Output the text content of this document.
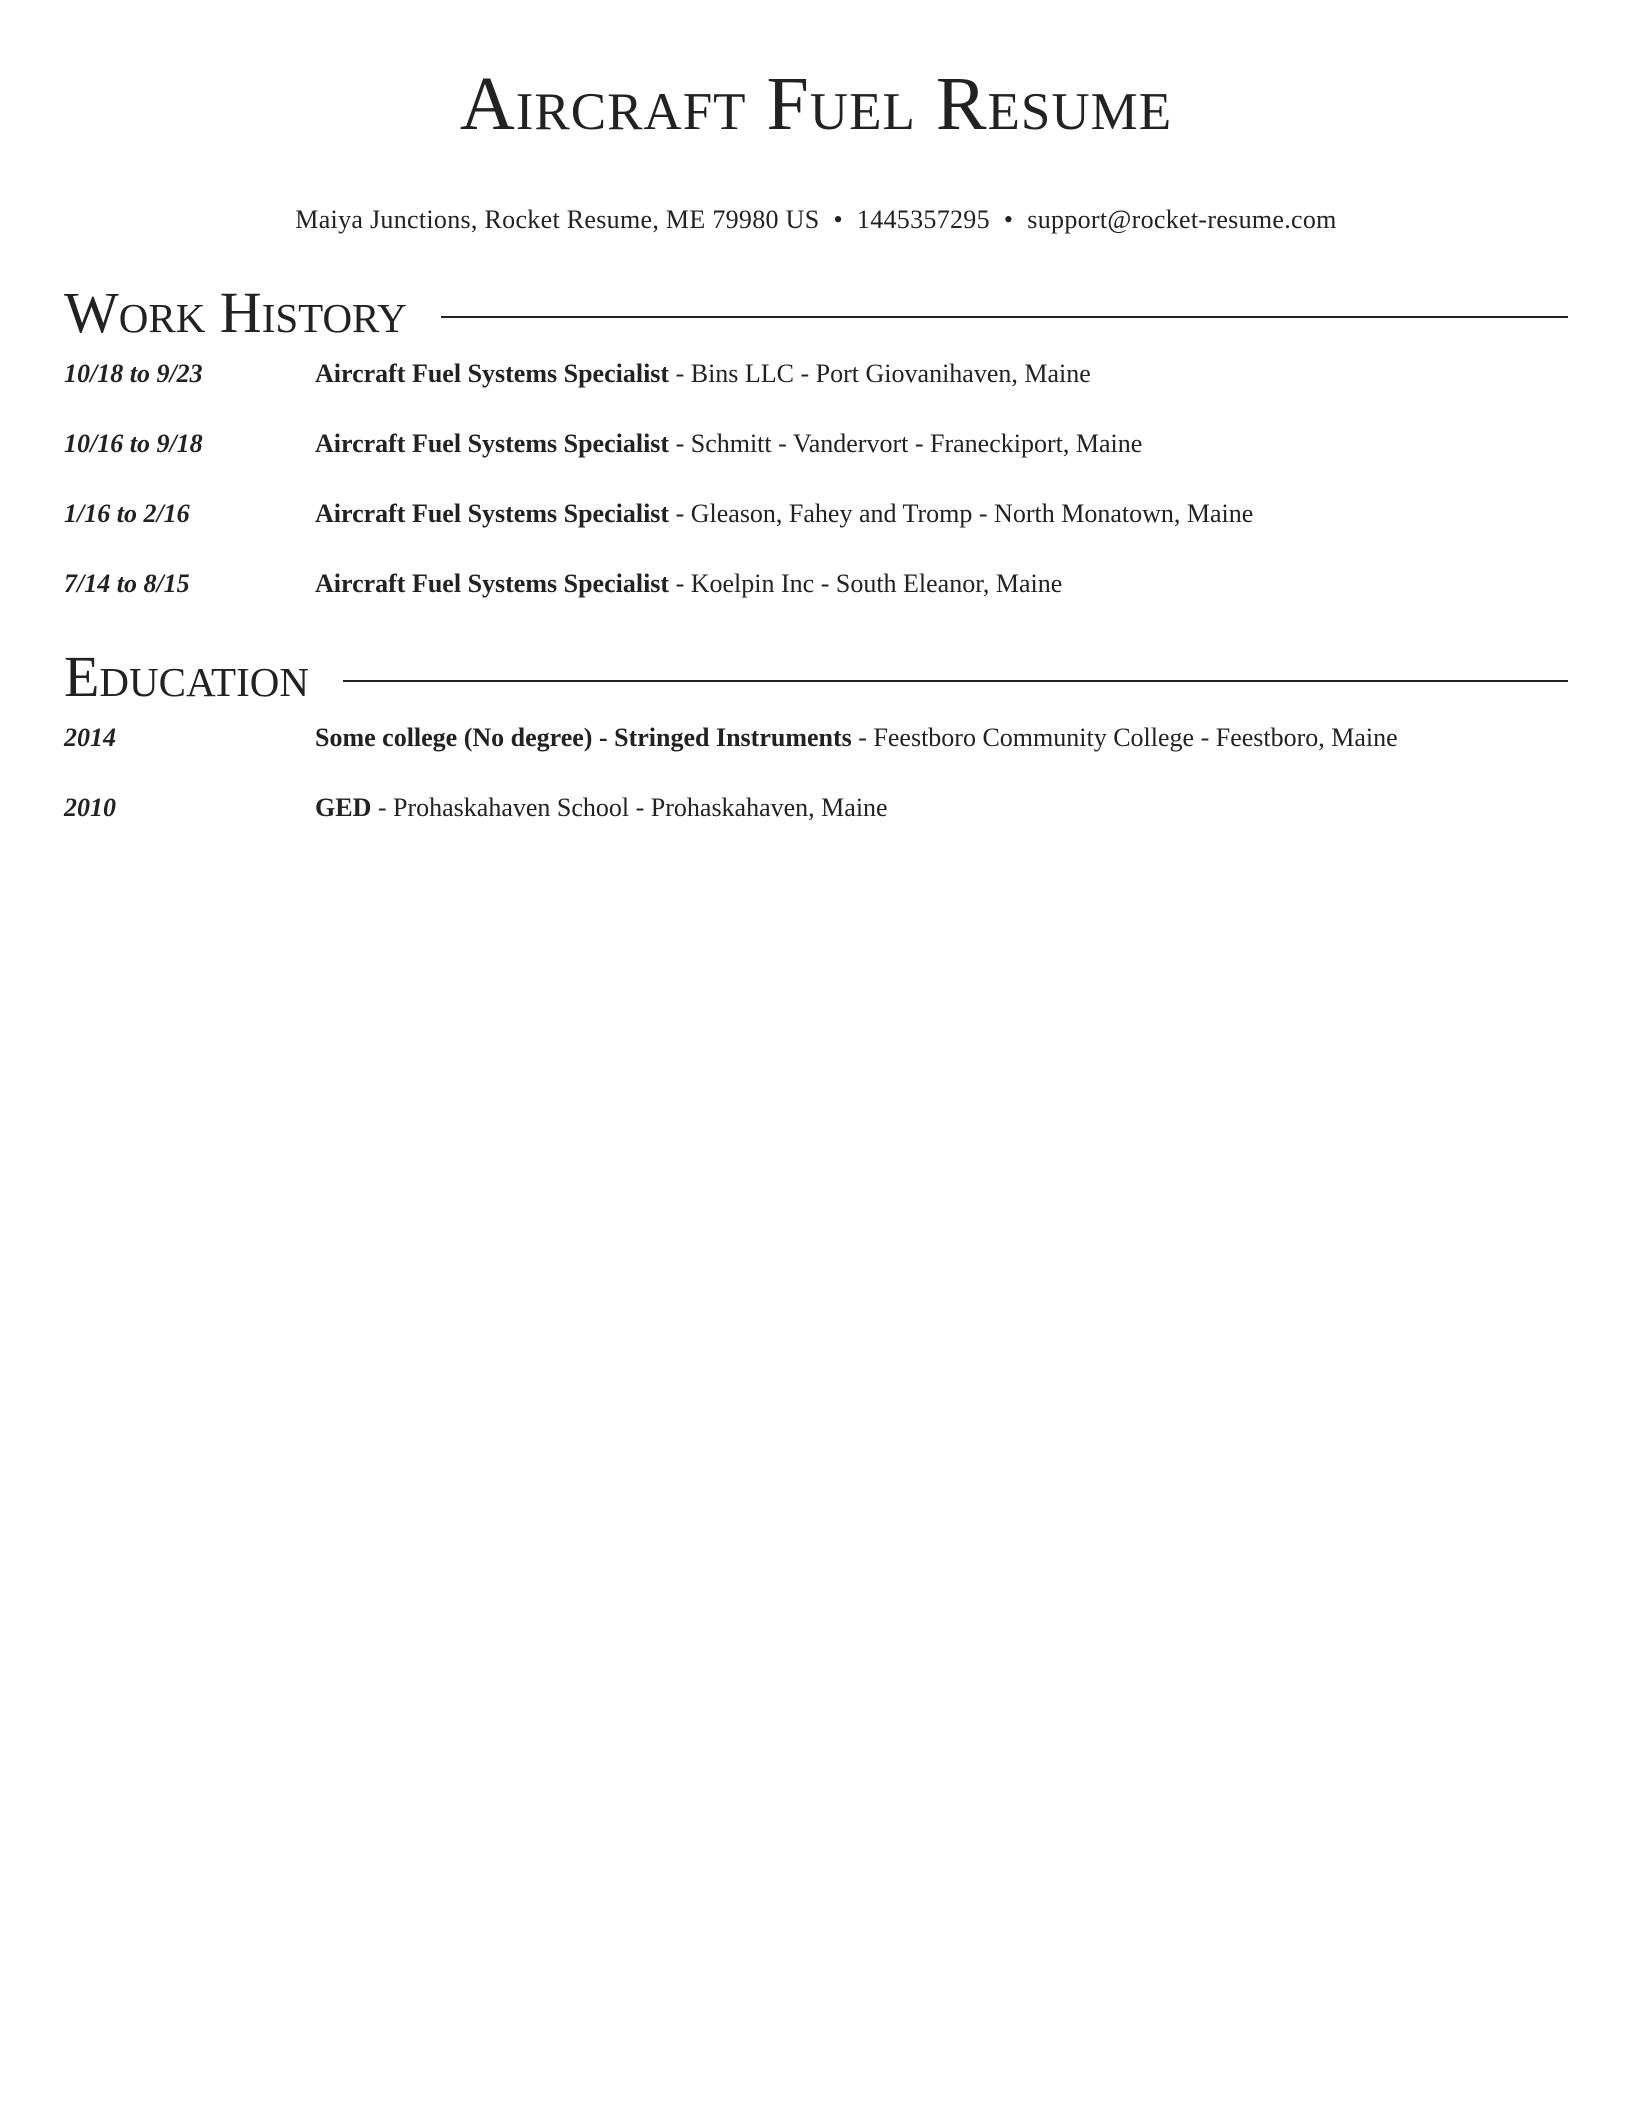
Aircraft Fuel Resume
Maiya Junctions, Rocket Resume, ME 79980 US • 1445357295 • support@rocket-resume.com
Work History
10/18 to 9/23	Aircraft Fuel Systems Specialist - Bins LLC - Port Giovanihaven, Maine
10/16 to 9/18	Aircraft Fuel Systems Specialist - Schmitt - Vandervort - Franeckiport, Maine
1/16 to 2/16	Aircraft Fuel Systems Specialist - Gleason, Fahey and Tromp - North Monatown, Maine
7/14 to 8/15	Aircraft Fuel Systems Specialist - Koelpin Inc - South Eleanor, Maine
Education
2014	Some college (No degree) - Stringed Instruments - Feestboro Community College - Feestboro, Maine
2010	GED - Prohaskahaven School - Prohaskahaven, Maine
